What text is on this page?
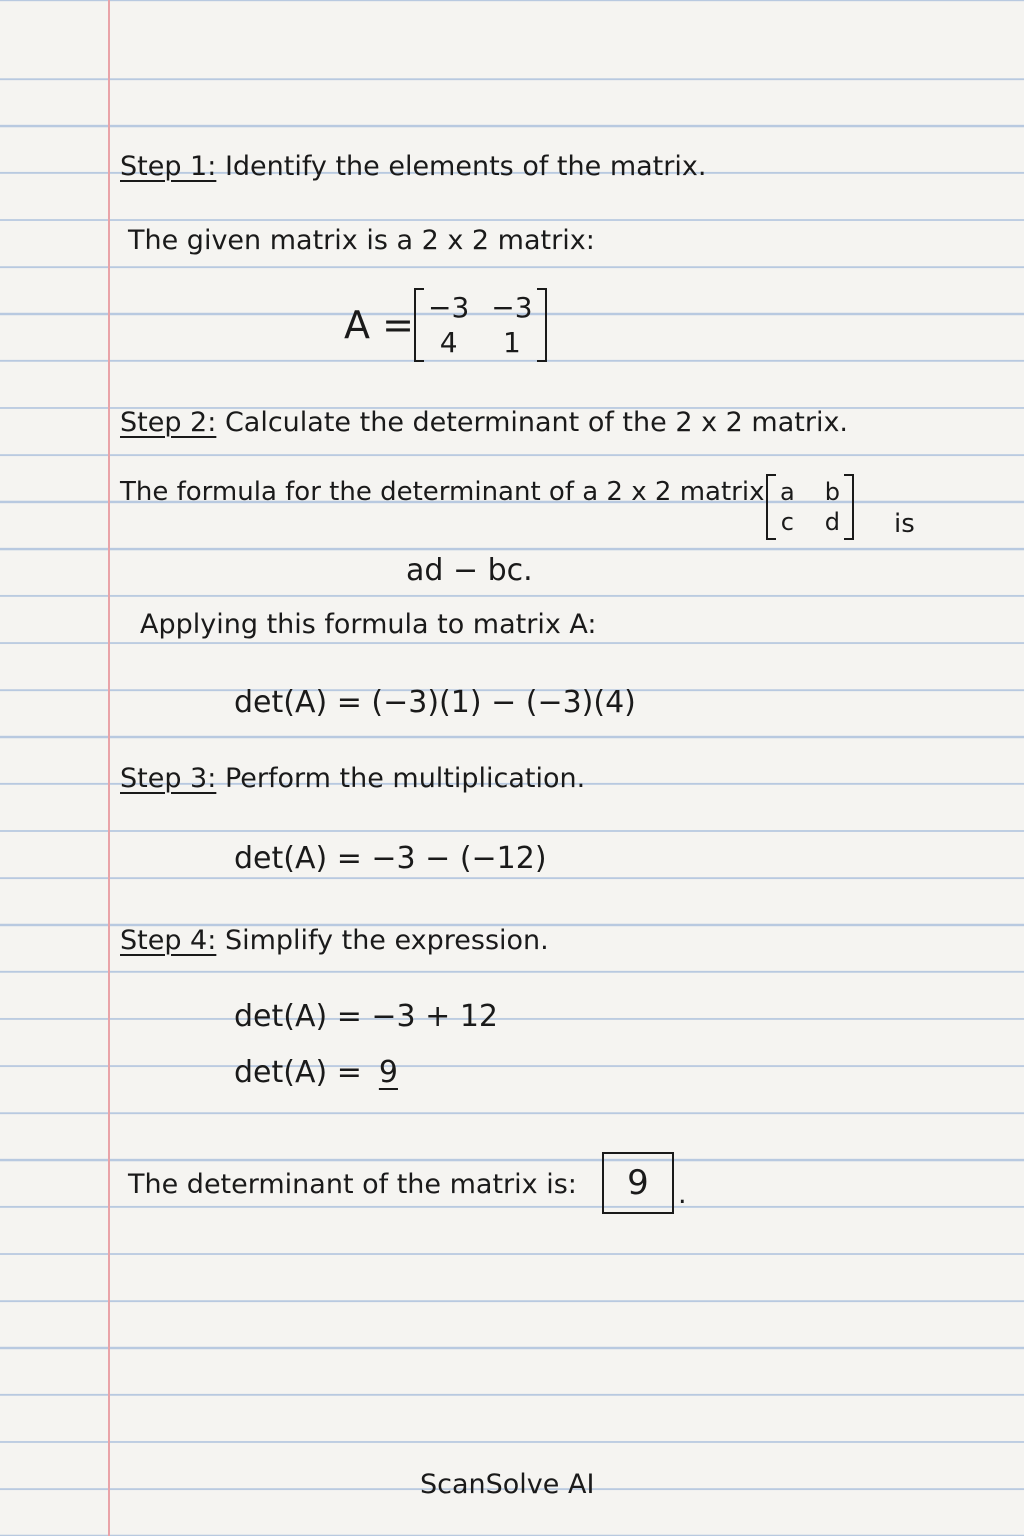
Step 1: Identify the elements of the matrix.
The given matrix is a 2 x 2 matrix:
A = −3 −3
4	1
Step 2: Calculate the determinant of the 2 x 2 matrix.
The formula for the determinant of a 2 x 2 matrix a b
c d is
ad − bc.
Applying this formula to matrix A:
det(A) = (−3)(1) − (−3)(4)
Step 3: Perform the multiplication.
det(A) = −3 − (−12)
Step 4: Simplify the expression.
det(A) = −3 + 12
det(A) = 9
The determinant of the matrix is: 9 .
ScanSolve AI
